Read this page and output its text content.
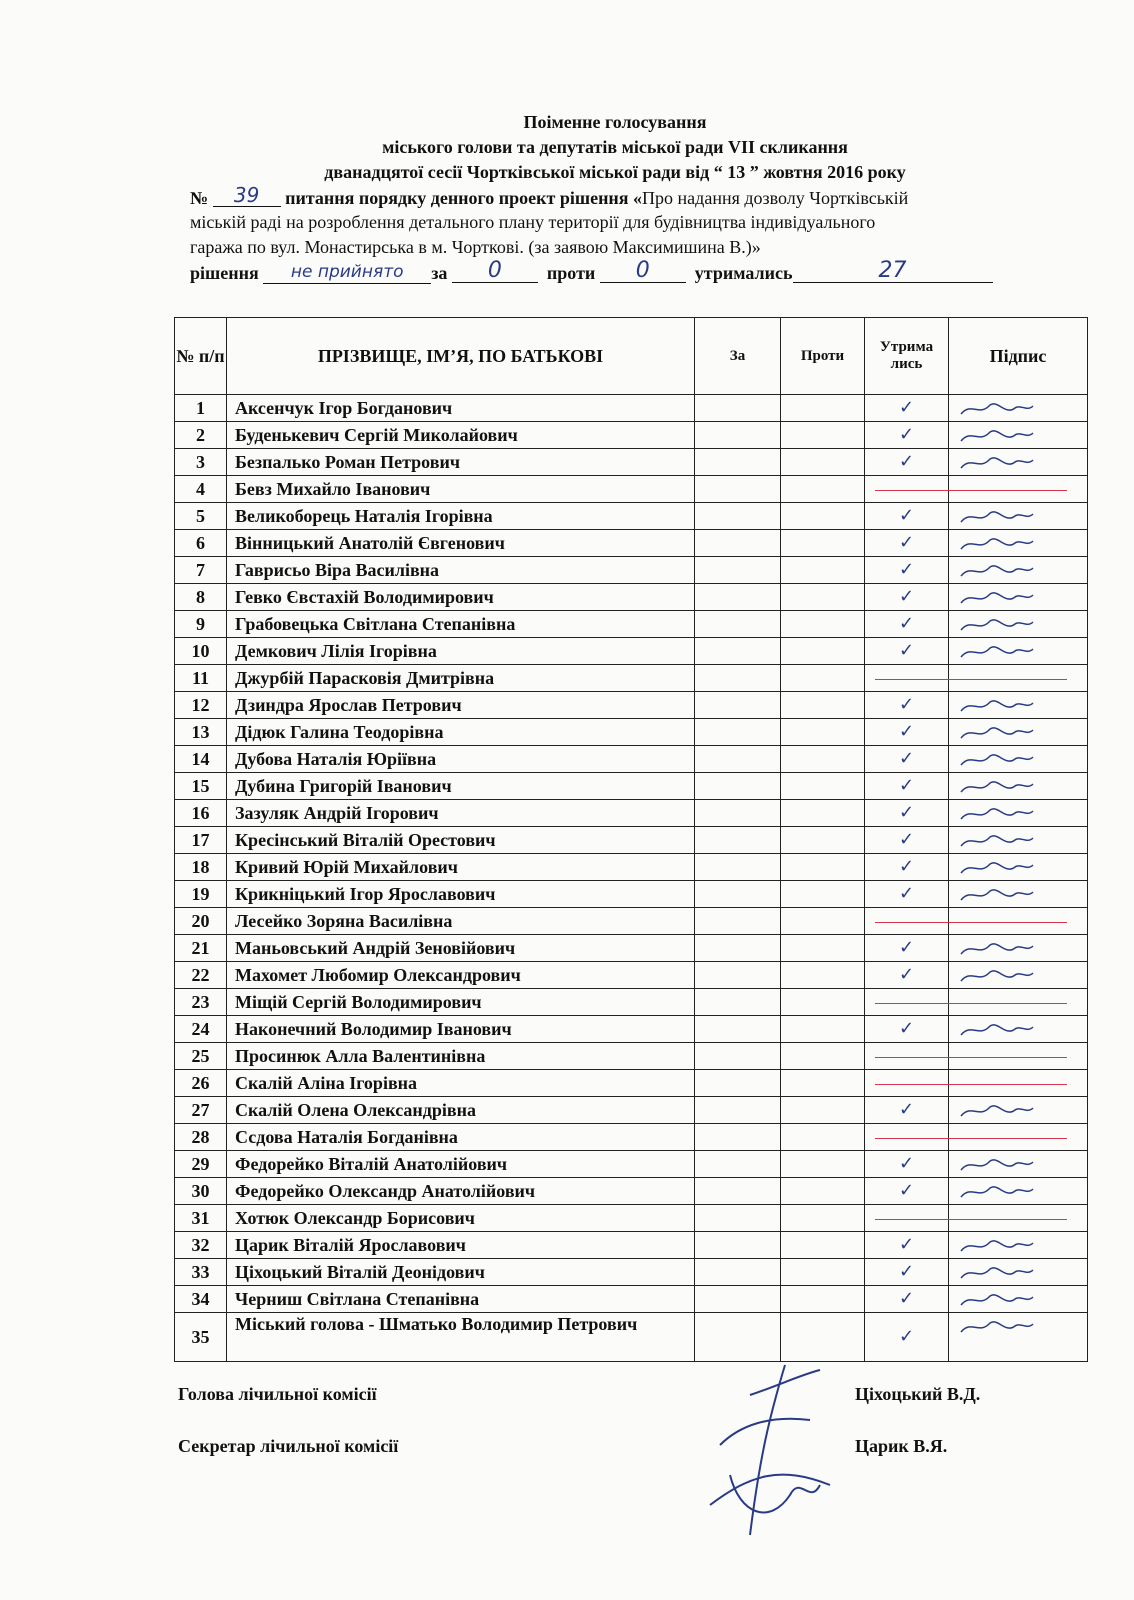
Поіменне голосування
міського голови та депутатів міської ради VII скликання
дванадцятої сесії Чортківської міської ради від “ 13 ” жовтня 2016 року
№ 39 питання порядку денного проект рішення «Про надання дозволу Чортківській
міській раді на розроблення детального плану території для будівництва індивідуального
гаража по вул. Монастирська в м. Чорткові. (за заявою Максимишина В.)»
рішення не прийнято за 0	проти 0	утримались	27
№ п/п	ПРІЗВИЩЕ, ІМ’Я, ПО БАТЬКОВІ	За	Проти	Утрима лись	Підпис
1	Аксенчук Ігор Богданович			✓	

2	Буденькевич Сергій Миколайович			✓	

3	Безпалько Роман Петрович			✓	

4	Бевз Михайло Іванович			

5	Великоборець Наталія Ігорівна			✓	

6	Вінницький Анатолій Євгенович			✓	

7	Гаврисьо Віра Василівна			✓	

8	Гевко Євстахій Володимирович			✓	

9	Грабовецька Світлана Степанівна			✓	

10	Демкович Лілія Ігорівна			✓	

11	Джурбій Парасковія Дмитрівна			

12	Дзиндра Ярослав Петрович			✓	

13	Дідюк Галина Теодорівна			✓	

14	Дубова Наталія Юріївна			✓	

15	Дубина Григорій Іванович			✓	

16	Зазуляк Андрій Ігорович			✓	

17	Кресінський Віталій Орестович			✓	

18	Кривий Юрій Михайлович			✓	

19	Крикніцький Ігор Ярославович			✓	

20	Лесейко Зоряна Василівна			

21	Маньовський Андрій Зеновійович			✓	

22	Махомет Любомир Олександрович			✓	

23	Міщій Сергій Володимирович			

24	Наконечний Володимир Іванович			✓	

25	Просинюк Алла Валентинівна			

26	Скалій Аліна Ігорівна			

27	Скалій Олена Олександрівна			✓	

28	Ссдова Наталія Богданівна			

29	Федорейко Віталій Анатолійович			✓	

30	Федорейко Олександр Анатолійович			✓	

31	Хотюк Олександр Борисович			

32	Царик Віталій Ярославович			✓	

33	Ціхоцький Віталій Деонідович			✓	

34	Черниш Світлана Степанівна			✓	

35	Міський голова - Шматько Володимир Петрович			✓	
Голова лічильної комісії	Ціхоцький В.Д.
Секретар лічильної комісії	Царик В.Я.
